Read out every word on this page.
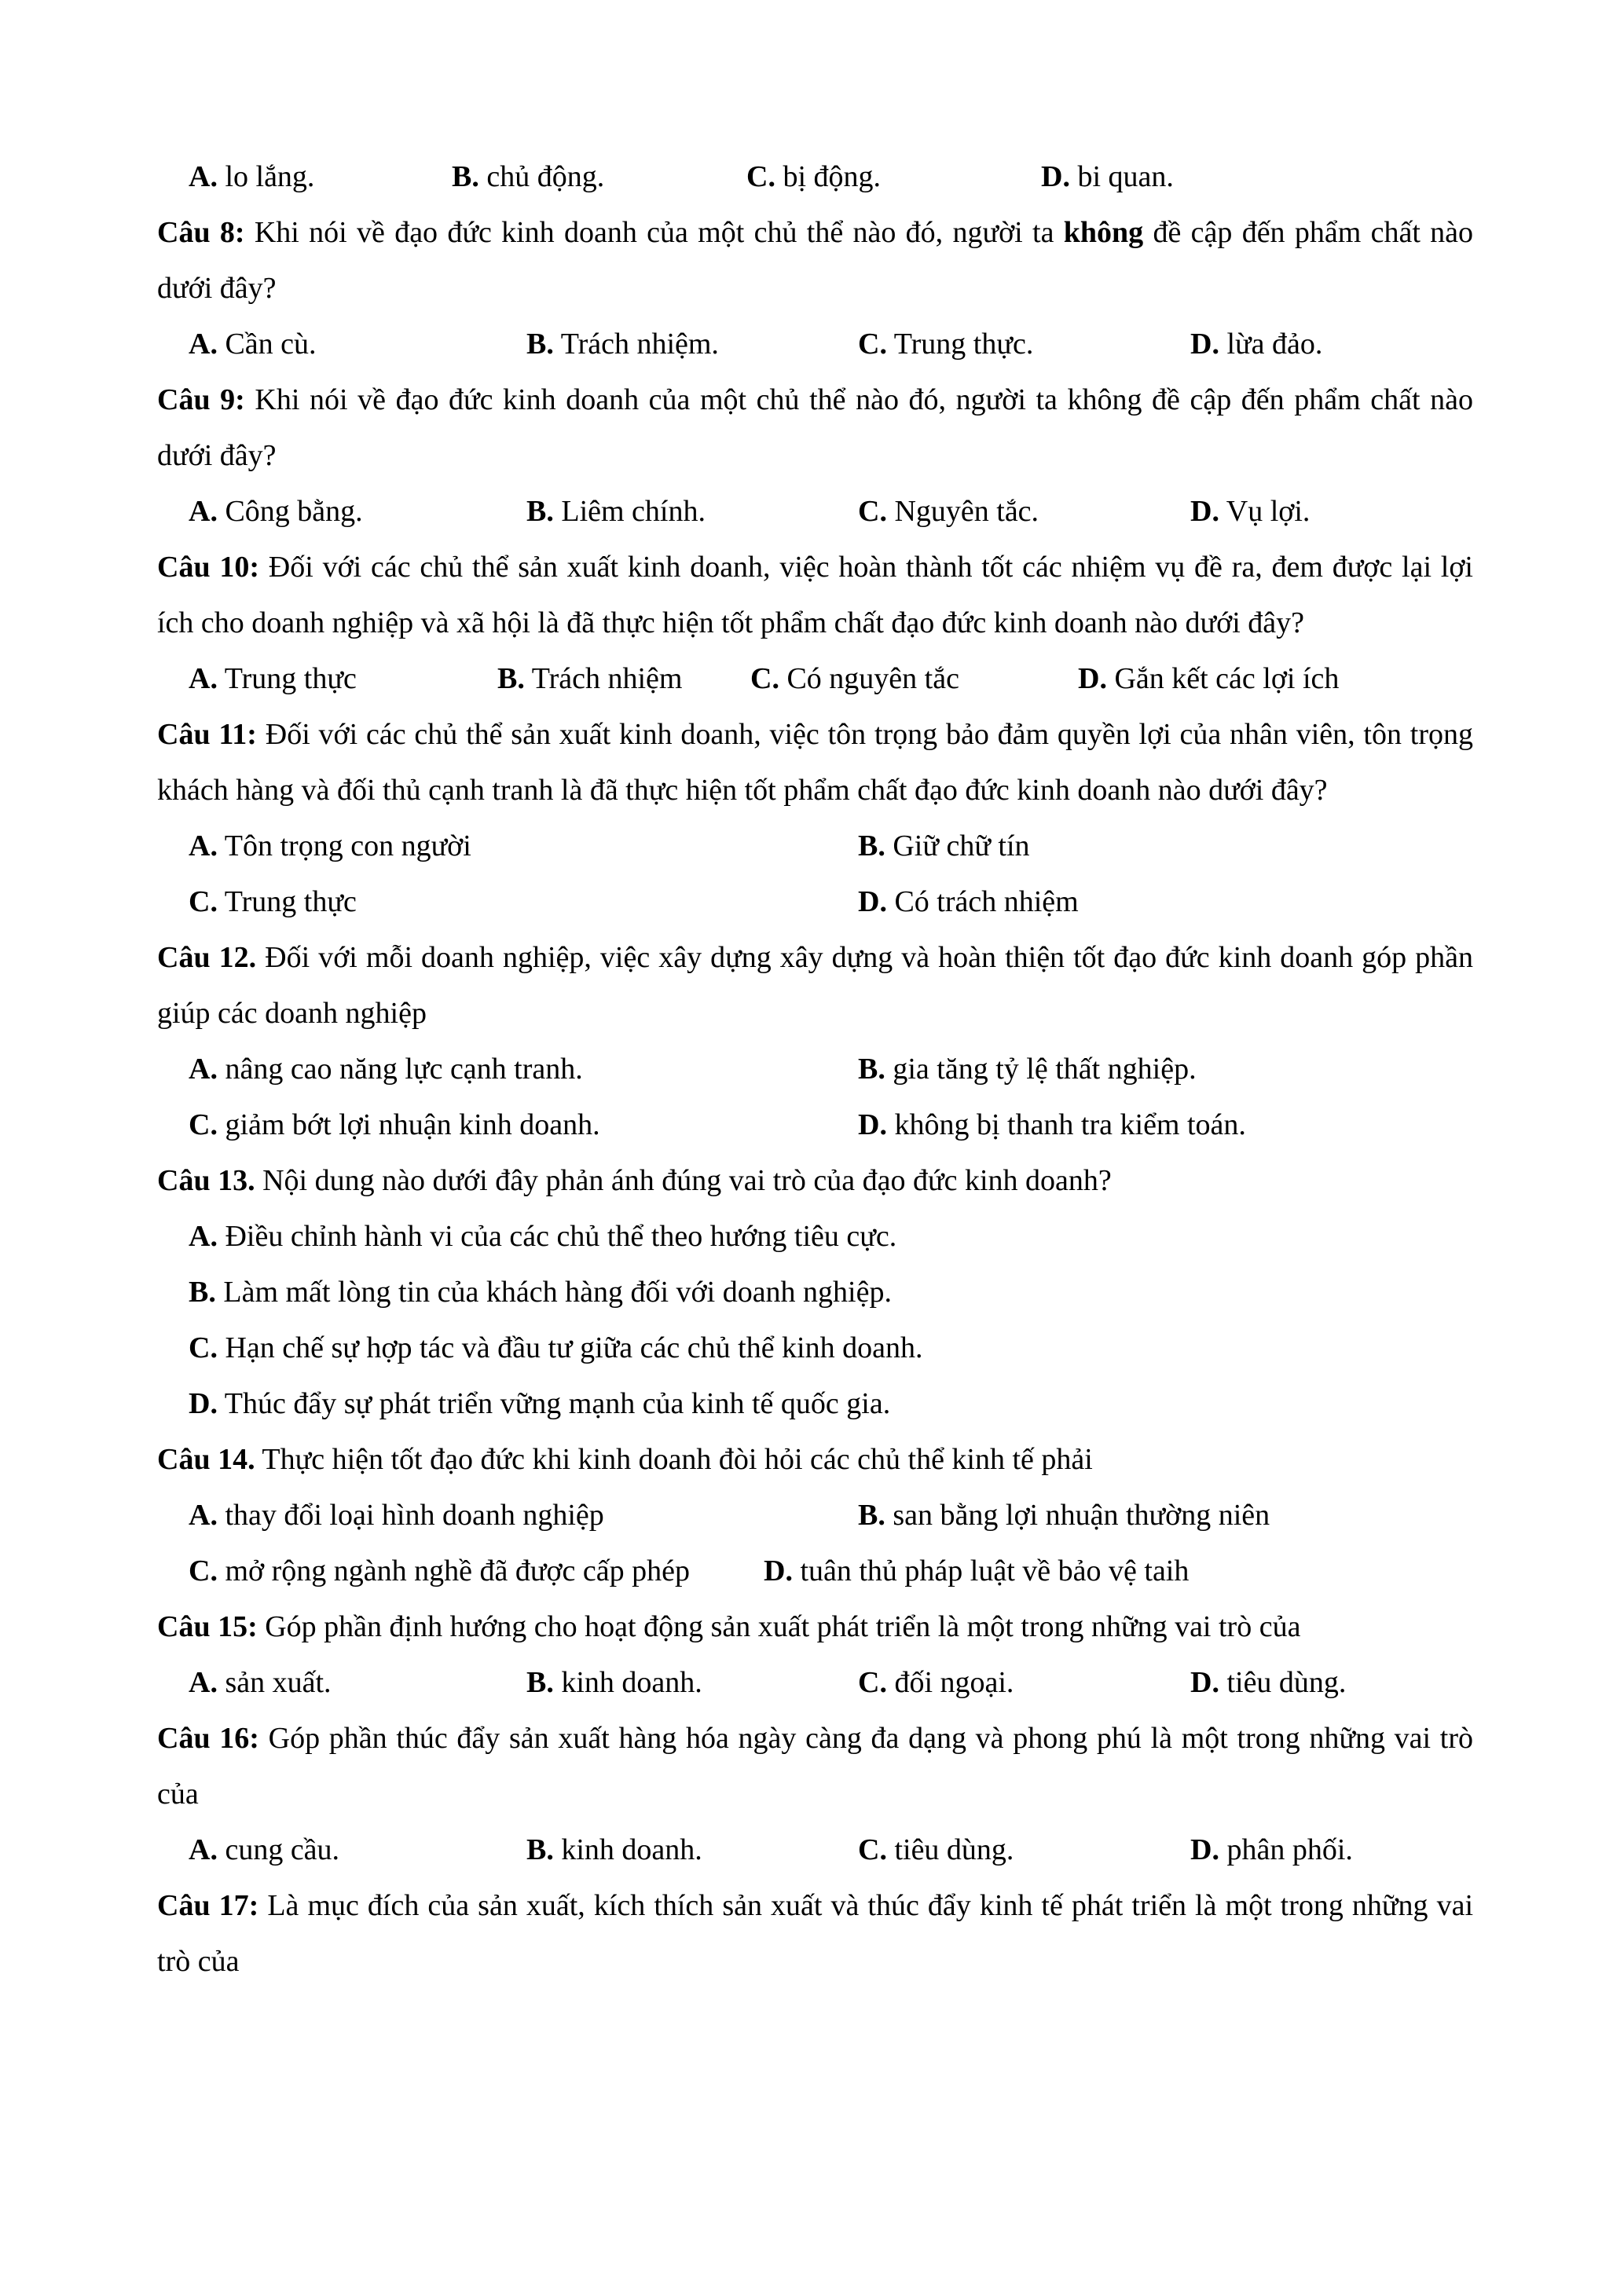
A. lo lắng.	B. chủ động.	C. bị động.	D. bi quan.

Câu 8: Khi nói về đạo đức kinh doanh của một chủ thể nào đó, người ta không đề cập đến phẩm chất nào dưới đây?

A. Cần cù.	B. Trách nhiệm.	C. Trung thực.	D. lừa đảo.

Câu 9: Khi nói về đạo đức kinh doanh của một chủ thể nào đó, người ta không đề cập đến phẩm chất nào dưới đây?

A. Công bằng.	B. Liêm chính.	C. Nguyên tắc.	D. Vụ lợi.

Câu 10: Đối với các chủ thể sản xuất kinh doanh, việc hoàn thành tốt các nhiệm vụ đề ra, đem được lại lợi ích cho doanh nghiệp và xã hội là đã thực hiện tốt phẩm chất đạo đức kinh doanh nào dưới đây?

A. Trung thực	B. Trách nhiệm C. Có nguyên tắc	D. Gắn kết các lợi ích

Câu 11: Đối với các chủ thể sản xuất kinh doanh, việc tôn trọng bảo đảm quyền lợi của nhân viên, tôn trọng khách hàng và đối thủ cạnh tranh là đã thực hiện tốt phẩm chất đạo đức kinh doanh nào dưới đây?

A. Tôn trọng con người	B. Giữ chữ tín
C. Trung thực	D. Có trách nhiệm

Câu 12. Đối với mỗi doanh nghiệp, việc xây dựng xây dựng và hoàn thiện tốt đạo đức kinh doanh góp phần giúp các doanh nghiệp

A. nâng cao năng lực cạnh tranh.	B. gia tăng tỷ lệ thất nghiệp.
C. giảm bớt lợi nhuận kinh doanh.	D. không bị thanh tra kiểm toán.

Câu 13. Nội dung nào dưới đây phản ánh đúng vai trò của đạo đức kinh doanh?

A. Điều chỉnh hành vi của các chủ thể theo hướng tiêu cực.
B. Làm mất lòng tin của khách hàng đối với doanh nghiệp.
C. Hạn chế sự hợp tác và đầu tư giữa các chủ thể kinh doanh.
D. Thúc đẩy sự phát triển vững mạnh của kinh tế quốc gia.

Câu 14. Thực hiện tốt đạo đức khi kinh doanh đòi hỏi các chủ thể kinh tế phải

A. thay đổi loại hình doanh nghiệp	B. san bằng lợi nhuận thường niên
C. mở rộng ngành nghề đã được cấp phép D. tuân thủ pháp luật về bảo vệ taih

Câu 15: Góp phần định hướng cho hoạt động sản xuất phát triển là một trong những vai trò của

A. sản xuất.	B. kinh doanh.	C. đối ngoại.	D. tiêu dùng.

Câu 16: Góp phần thúc đẩy sản xuất hàng hóa ngày càng đa dạng và phong phú là một trong những vai trò của

A. cung cầu.	B. kinh doanh.	C. tiêu dùng.	D. phân phối.

Câu 17: Là mục đích của sản xuất, kích thích sản xuất và thúc đẩy kinh tế phát triển là một trong những vai trò của
